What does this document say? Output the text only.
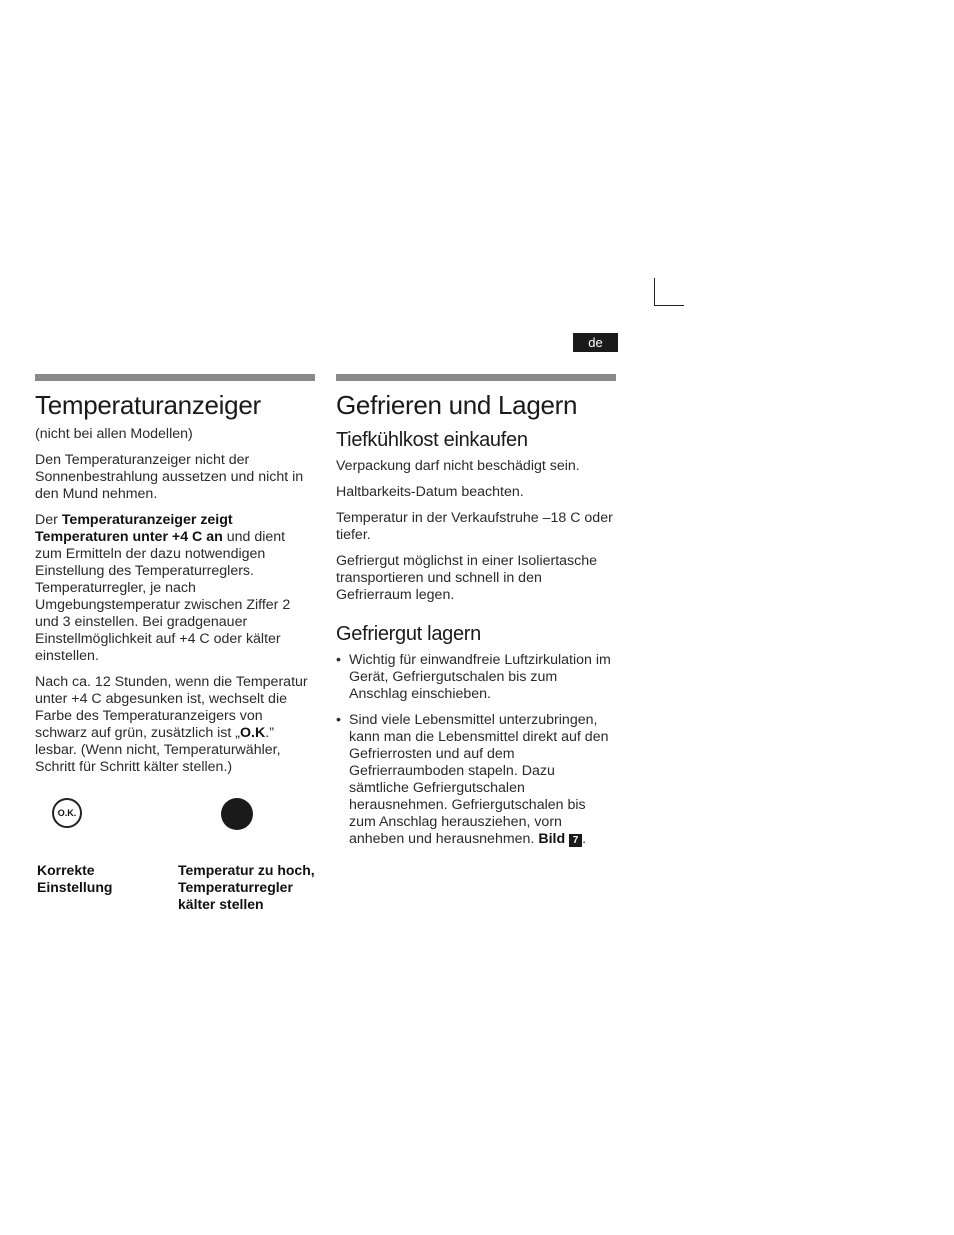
de
Temperaturanzeiger

(nicht bei allen Modellen)

Den Temperaturanzeiger nicht der Sonnenbestrahlung aussetzen und nicht in den Mund nehmen.

Der Temperaturanzeiger zeigt Temperaturen unter +4 C an und dient zum Ermitteln der dazu notwendigen Einstellung des Temperaturreglers. Temperaturregler, je nach Umgebungstemperatur zwischen Ziffer 2 und 3 einstellen. Bei gradgenauer Einstellmöglichkeit auf +4 C oder kälter einstellen.

Nach ca. 12 Stunden, wenn die Temperatur unter +4 C abgesunken ist, wechselt die Farbe des Temperaturanzeigers von schwarz auf grün, zusätzlich ist „O.K.” lesbar. (Wenn nicht, Temperaturwähler, Schritt für Schritt kälter stellen.)

O.K.
Korrekte Einstellung
Temperatur zu hoch, Temperaturregler kälter stellen
Gefrieren und Lagern
Tiefkühlkost einkaufen

Verpackung darf nicht beschädigt sein.

Haltbarkeits-Datum beachten.

Temperatur in der Verkaufstruhe –18 C oder tiefer.

Gefriergut möglichst in einer Isoliertasche transportieren und schnell in den Gefrierraum legen.

Gefriergut lagern
• Wichtig für einwandfreie Luftzirkulation im Gerät, Gefriergutschalen bis zum Anschlag einschieben.
• Sind viele Lebensmittel unterzubringen, kann man die Lebensmittel direkt auf den Gefrierrosten und auf dem Gefrierraumboden stapeln. Dazu sämtliche Gefriergutschalen herausnehmen. Gefriergutschalen bis zum Anschlag herausziehen, vorn anheben und herausnehmen. Bild 7 .
